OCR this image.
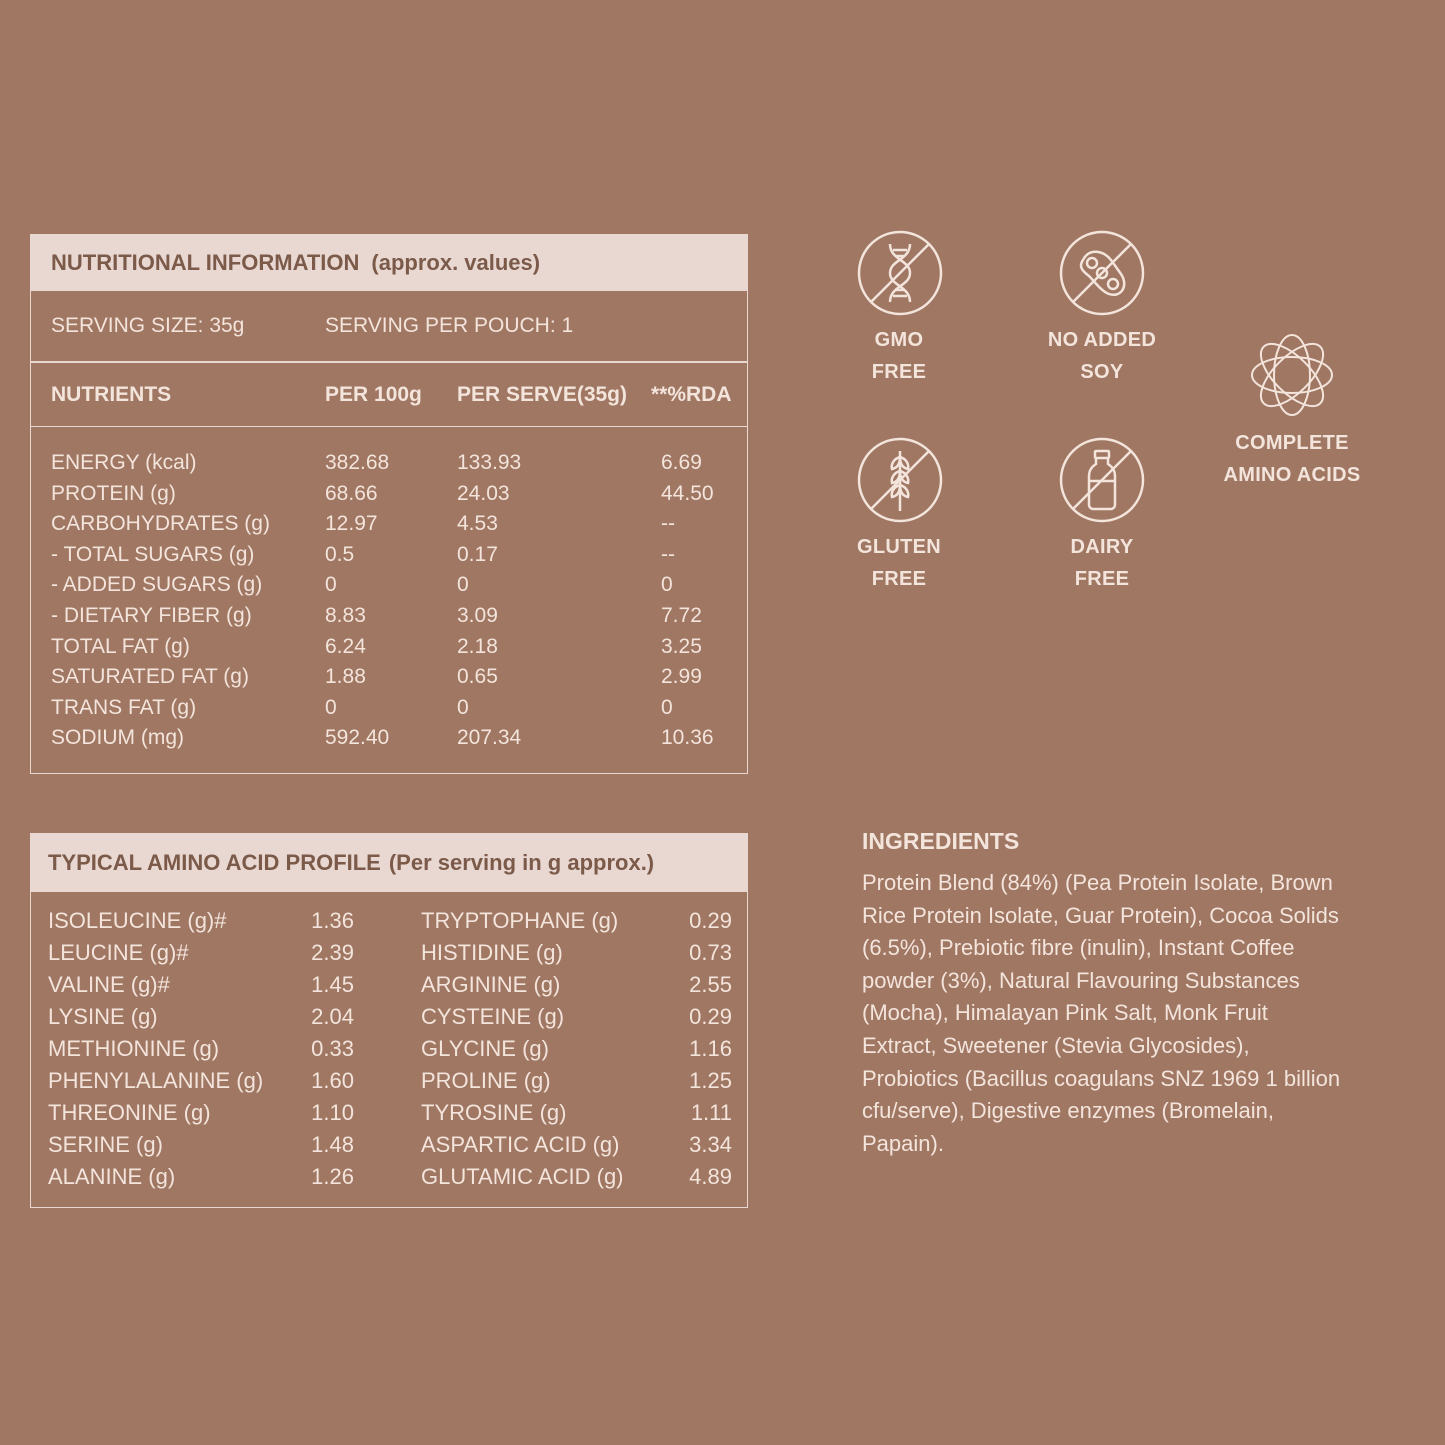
NUTRITIONAL INFORMATION (approx. values)
SERVING SIZE: 35g	SERVING PER POUCH: 1
NUTRIENTS	PER 100g PER SERVE(35g) **%RDA
ENERGY (kcal)	382.68	133.93	6.69
PROTEIN (g)	68.66	24.03	44.50
CARBOHYDRATES (g)	12.97	4.53	--
- TOTAL SUGARS (g)	0.5	0.17	--
- ADDED SUGARS (g)	0	0	0
- DIETARY FIBER (g)	8.83	3.09	7.72
TOTAL FAT (g)	6.24	2.18	3.25
SATURATED FAT (g)	1.88	0.65	2.99
TRANS FAT (g)	0	0	0
SODIUM (mg)	592.40	207.34	10.36
TYPICAL AMINO ACID PROFILE (Per serving in g approx.)
ISOLEUCINE (g)#	1.36	TRYPTOPHANE (g)	0.29
LEUCINE (g)#	2.39	HISTIDINE (g)	0.73
VALINE (g)#	1.45	ARGININE (g)	2.55
LYSINE (g)	2.04	CYSTEINE (g)	0.29
METHIONINE (g)	0.33	GLYCINE (g)	1.16
PHENYLALANINE (g) 1.60	PROLINE (g)	1.25
THREONINE (g)	1.10	TYROSINE (g)	1.11
SERINE (g)	1.48	ASPARTIC ACID (g)	3.34
ALANINE (g)	1.26	GLUTAMIC ACID (g)	4.89
GMO
FREE
NO ADDED
SOY
COMPLETE
AMINO ACIDS
GLUTEN
FREE
DAIRY
FREE
INGREDIENTS
Protein Blend (84%) (Pea Protein Isolate, Brown Rice Protein Isolate, Guar Protein), Cocoa Solids (6.5%), Prebiotic fibre (inulin), Instant Coffee powder (3%), Natural Flavouring Substances (Mocha), Himalayan Pink Salt, Monk Fruit Extract, Sweetener (Stevia Glycosides), Probiotics (Bacillus coagulans SNZ 1969 1 billion cfu/serve), Digestive enzymes (Bromelain, Papain).
